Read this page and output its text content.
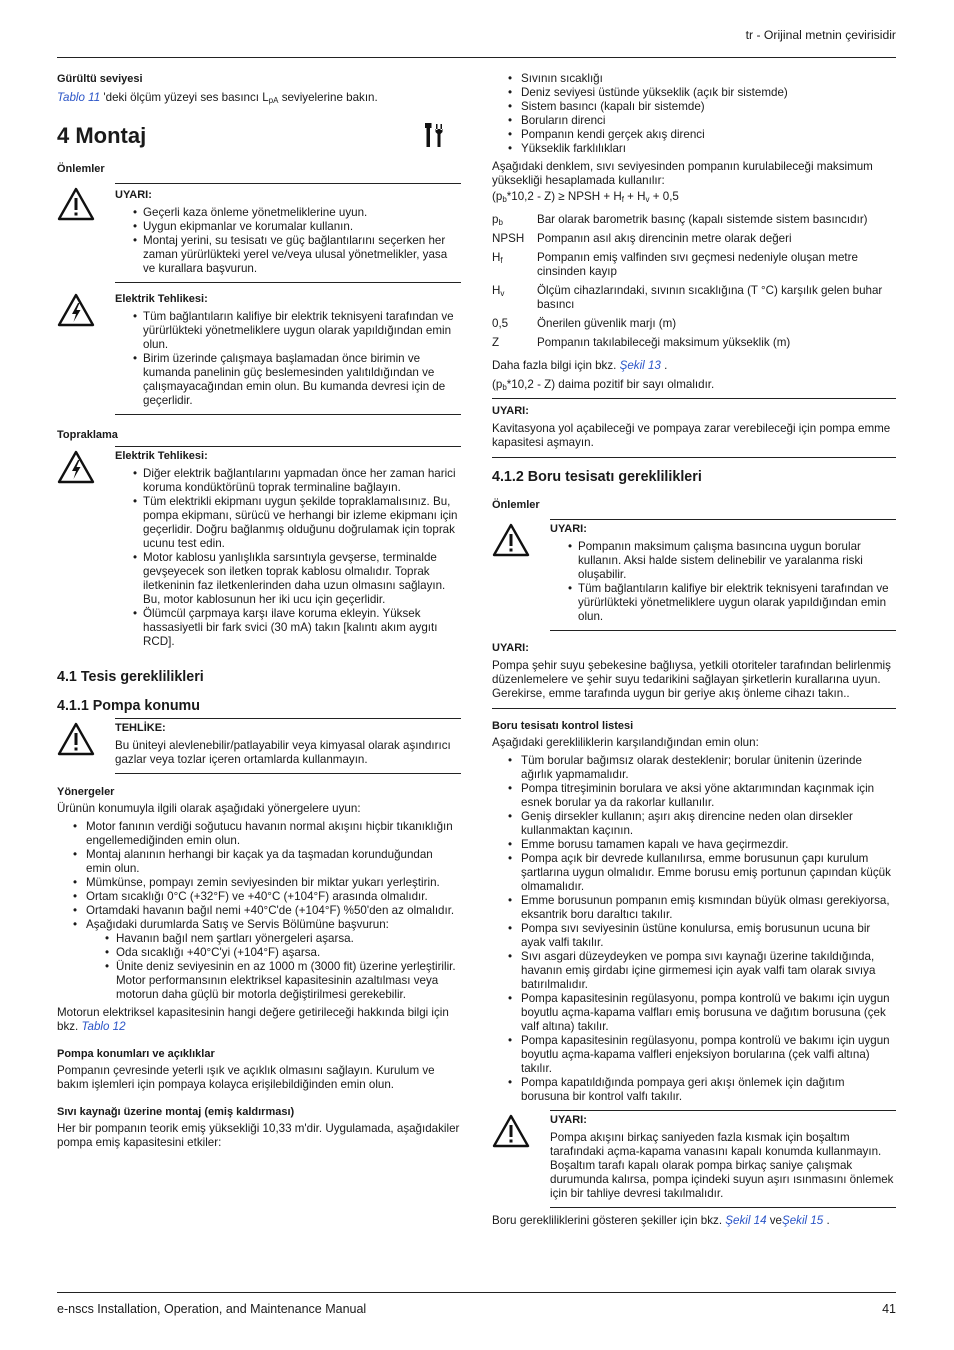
tr - Orijinal metnin çevirisidir

Gürültü seviyesi

Tablo 11 'deki ölçüm yüzeyi ses basıncı $L_{pA}$ seviyelerine bakın.

4 Montaj

Önlemler

UYARI:

• Geçerli kaza önleme yönetmeliklerine uyun.
• Uygun ekipmanlar ve korumalar kullanın.
• Montaj yerini, su tesisatı ve güç bağlantılarını seçerken her zaman yürürlükteki yerel ve/veya ulusal yönetmelikler, yasa ve kurallara başvurun.

Elektrik Tehlikesi:

• Tüm bağlantıların kalifiye bir elektrik teknisyeni tarafından ve yürürlükteki yönetmeliklere uygun olarak yapıldığından emin olun.
• Birim üzerinde çalışmaya başlamadan önce birimin ve kumanda panelinin güç beslemesinden yalıtıldığından ve çalışmayacağından emin olun. Bu kumanda devresi için de geçerlidir.

Topraklama

Elektrik Tehlikesi:

• Diğer elektrik bağlantılarını yapmadan önce her zaman harici koruma kondüktörünü toprak terminaline bağlayın.
• Tüm elektrikli ekipmanı uygun şekilde topraklamalısınız. Bu, pompa ekipmanı, sürücü ve herhangi bir izleme ekipmanı için geçerlidir. Doğru bağlanmış olduğunu doğrulamak için toprak ucunu test edin.
• Motor kablosu yanlışlıkla sarsıntıyla gevşerse, terminalde gevşeyecek son iletken toprak kablosu olmalıdır. Toprak iletkeninin faz iletkenlerinden daha uzun olmasını sağlayın. Bu, motor kablosunun her iki ucu için geçerlidir.
• Ölümcül çarpmaya karşı ilave koruma ekleyin. Yüksek hassasiyetli bir fark svici (30 mA) takın [kalıntı akım aygıtı RCD].

4.1 Tesis gereklilikleri

4.1.1 Pompa konumu

TEHLİKE:

Bu üniteyi alevlenebilir/patlayabilir veya kimyasal olarak aşındırıcı gazlar veya tozlar içeren ortamlarda kullanmayın.

Yönergeler

Ürünün konumuyla ilgili olarak aşağıdaki yönergelere uyun:

• Motor fanının verdiği soğutucu havanın normal akışını hiçbir tıkanıklığın engellemediğinden emin olun.
• Montaj alanının herhangi bir kaçak ya da taşmadan korunduğundan emin olun.
• Mümkünse, pompayı zemin seviyesinden bir miktar yukarı yerleştirin.
• Ortam sıcaklığı 0°C (+32°F) ve +40°C (+104°F) arasında olmalıdır.
• Ortamdaki havanın bağıl nemi +40°C'de (+104°F) %50'den az olmalıdır.
• Aşağıdaki durumlarda Satış ve Servis Bölümüne başvurun:
• Havanın bağıl nem şartları yönergeleri aşarsa.
• Oda sıcaklığı +40°C'yi (+104°F) aşarsa.
• Ünite deniz seviyesinin en az 1000 m (3000 fit) üzerine yerleştirilir. Motor performansının elektriksel kapasitesinin azaltılması veya motorun daha güçlü bir motorla değiştirilmesi gerekebilir.

Motorun elektriksel kapasitesinin hangi değere getirileceği hakkında bilgi için bkz. Tablo 12

Pompa konumları ve açıklıklar

Pompanın çevresinde yeterli ışık ve açıklık olmasını sağlayın. Kurulum ve bakım işlemleri için pompaya kolayca erişilebildiğinden emin olun.

Sıvı kaynağı üzerine montaj (emiş kaldırması)

Her bir pompanın teorik emiş yüksekliği 10,33 m'dir. Uygulamada, aşağıdakiler pompa emiş kapasitesini etkiler:

• Sıvının sıcaklığı
• Deniz seviyesi üstünde yükseklik (açık bir sistemde)
• Sistem basıncı (kapalı bir sistemde)
• Boruların direnci
• Pompanın kendi gerçek akış direnci
• Yükseklik farklılıkları

Aşağıdaki denklem, sıvı seviyesinden pompanın kurulabileceği maksimum yüksekliği hesaplamada kullanılır:

$(p_b*10,2 - Z)$ ≥ NPSH + $H_f + H_v + 0,5$

$p_b$	Bar olarak barometrik basınç (kapalı sistemde sistem basıncıdır)
NPSH	Pompanın asıl akış direncinin metre olarak değeri
$H_f$	Pompanın emiş valfinden sıvı geçmesi nedeniyle oluşan metre cinsinden kayıp
$H_v$	Ölçüm cihazlarındaki, sıvının sıcaklığına (T °C) karşılık gelen buhar basıncı
0,5	Önerilen güvenlik marjı (m)
Z	Pompanın takılabileceği maksimum yükseklik (m)

Daha fazla bilgi için bkz. Şekil 13 .

$(p_b*10,2 - Z)$ daima pozitif bir sayı olmalıdır.

UYARI:

Kavitasyona yol açabileceği ve pompaya zarar verebileceği için pompa emme kapasitesi aşmayın.

4.1.2 Boru tesisatı gereklilikleri

Önlemler

UYARI:

• Pompanın maksimum çalışma basıncına uygun borular kullanın. Aksi halde sistem delinebilir ve yaralanma riski oluşabilir.
• Tüm bağlantıların kalifiye bir elektrik teknisyeni tarafından ve yürürlükteki yönetmeliklere uygun olarak yapıldığından emin olun.

UYARI:

Pompa şehir suyu şebekesine bağlıysa, yetkili otoriteler tarafından belirlenmiş düzenlemelere ve şehir suyu tedarikini sağlayan şirketlerin kurallarına uyun. Gerekirse, emme tarafında uygun bir geriye akış önleme cihazı takın..

Boru tesisatı kontrol listesi

Aşağıdaki gerekliliklerin karşılandığından emin olun:

• Tüm borular bağımsız olarak desteklenir; borular ünitenin üzerinde ağırlık yapmamalıdır.
• Pompa titreşiminin borulara ve aksi yöne aktarımından kaçınmak için esnek borular ya da rakorlar kullanılır.
• Geniş dirsekler kullanın; aşırı akış direncine neden olan dirsekler kullanmaktan kaçının.
• Emme borusu tamamen kapalı ve hava geçirmezdir.
• Pompa açık bir devrede kullanılırsa, emme borusunun çapı kurulum şartlarına uygun olmalıdır. Emme borusu emiş portunun çapından küçük olmamalıdır.
• Emme borusunun pompanın emiş kısmından büyük olması gerekiyorsa, eksantrik boru daraltıcı takılır.
• Pompa sıvı seviyesinin üstüne konulursa, emiş borusunun ucuna bir ayak valfi takılır.
• Sıvı asgari düzeydeyken ve pompa sıvı kaynağı üzerine takıldığında, havanın emiş girdabı içine girmemesi için ayak valfi tam olarak sıvıya batırılmalıdır.
• Pompa kapasitesinin regülasyonu, pompa kontrolü ve bakımı için uygun boyutlu açma-kapama valfları emiş borusuna ve dağıtım borusuna (çek valf altına) takılır.
• Pompa kapasitesinin regülasyonu, pompa kontrolü ve bakımı için uygun boyutlu açma-kapama valfleri enjeksiyon borularına (çek valfi altına) takılır.
• Pompa kapatıldığında pompaya geri akışı önlemek için dağıtım borusuna bir kontrol valfı takılır.

UYARI:

Pompa akışını birkaç saniyeden fazla kısmak için boşaltım tarafındaki açma-kapama vanasını kapalı konumda kullanmayın. Boşaltım tarafı kapalı olarak pompa birkaç saniye çalışmak durumunda kalırsa, pompa içindeki suyun aşırı ısınmasını önlemek için bir tahliye devresi takılmalıdır.

Boru gerekliliklerini gösteren şekiller için bkz. Şekil 14 veŞekil 15 .

e-nscs Installation, Operation, and Maintenance Manual	41
